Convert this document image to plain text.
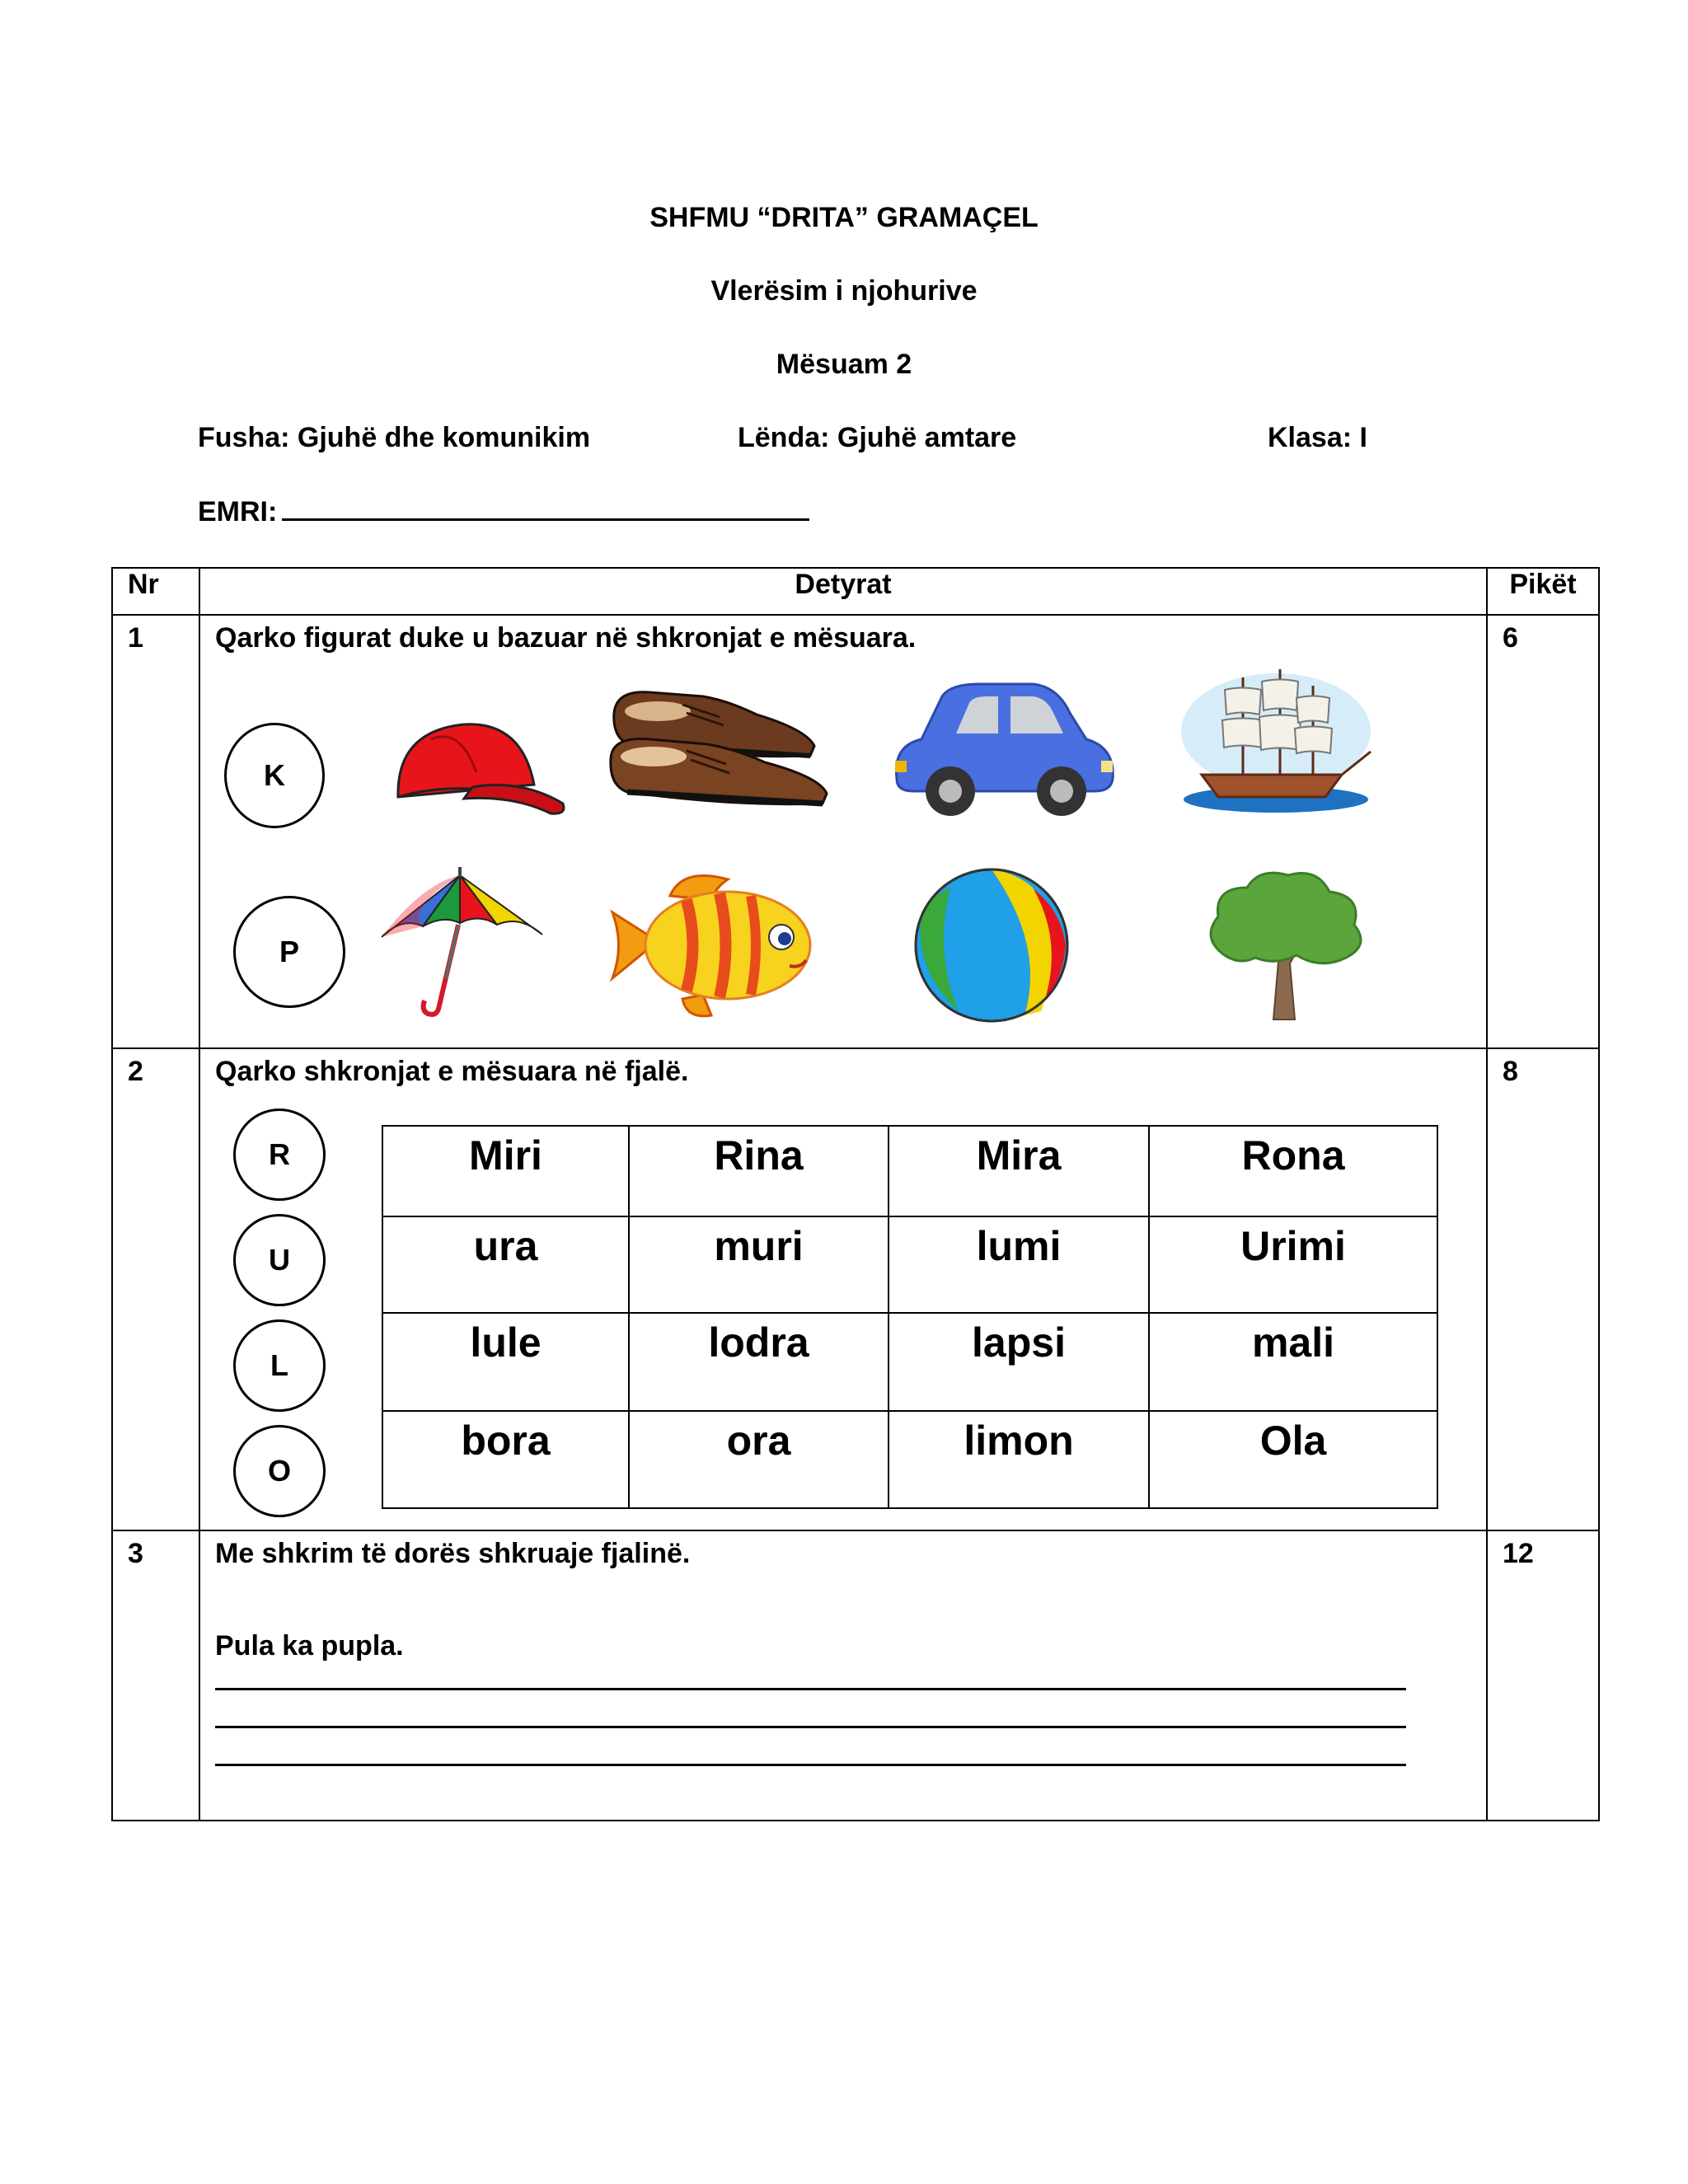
SHFMU “DRITA” GRAMAÇEL
Vlerësim i njohurive
Mësuam 2
Fusha: Gjuhë dhe komunikim	Lënda: Gjuhë amtare	Klasa: I
EMRI:
Nr	Detyrat	Pikët
1	Qarko figurat duke u bazuar në shkronjat e mësuara.
K
P
	6
2	Qarko shkronjat e mësuara në fjalë.
R
U
L
O
Miri	Rina	Mira	Rona
ura	muri	lumi	Urimi
lule	lodra	lapsi	mali
bora	ora	limon	Ola
	8
3	Me shkrim të dorës shkruaje fjalinë.
Pula ka pupla.
	12
